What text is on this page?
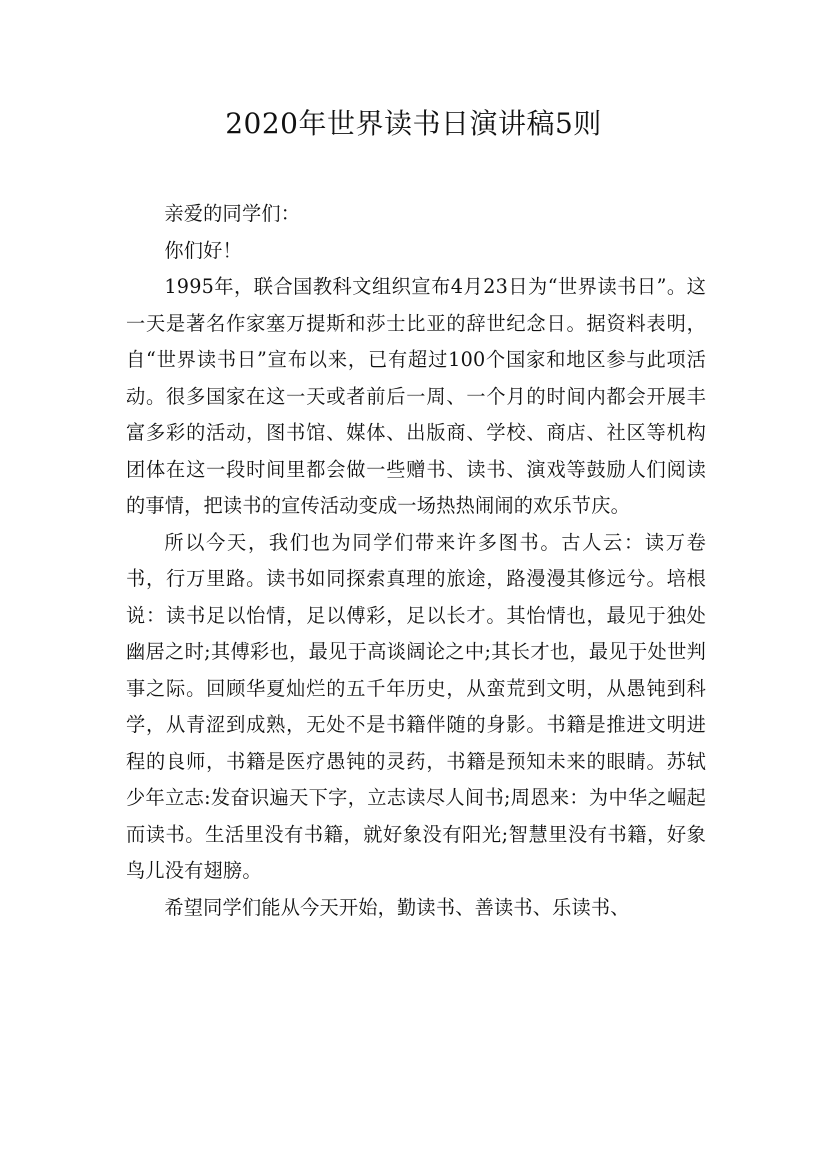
2020年世界读书日演讲稿5则

亲爱的同学们：

你们好！

1995年，联合国教科文组织宣布4月23日为“世界读书日”。这一天是著名作家塞万提斯和莎士比亚的辞世纪念日。据资料表明，自“世界读书日”宣布以来，已有超过100个国家和地区参与此项活动。很多国家在这一天或者前后一周、一个月的时间内都会开展丰富多彩的活动，图书馆、媒体、出版商、学校、商店、社区等机构团体在这一段时间里都会做一些赠书、读书、演戏等鼓励人们阅读的事情，把读书的宣传活动变成一场热热闹闹的欢乐节庆。

所以今天，我们也为同学们带来许多图书。古人云：读万卷书，行万里路。读书如同探索真理的旅途，路漫漫其修远兮。培根说：读书足以怡情，足以傅彩，足以长才。其怡情也，最见于独处幽居之时;其傅彩也，最见于高谈阔论之中;其长才也，最见于处世判事之际。回顾华夏灿烂的五千年历史，从蛮荒到文明，从愚钝到科学，从青涩到成熟，无处不是书籍伴随的身影。书籍是推进文明进程的良师，书籍是医疗愚钝的灵药，书籍是预知未来的眼睛。苏轼少年立志:发奋识遍天下字，立志读尽人间书;周恩来：为中华之崛起而读书。生活里没有书籍，就好象没有阳光;智慧里没有书籍，好象鸟儿没有翅膀。

希望同学们能从今天开始，勤读书、善读书、乐读书、
